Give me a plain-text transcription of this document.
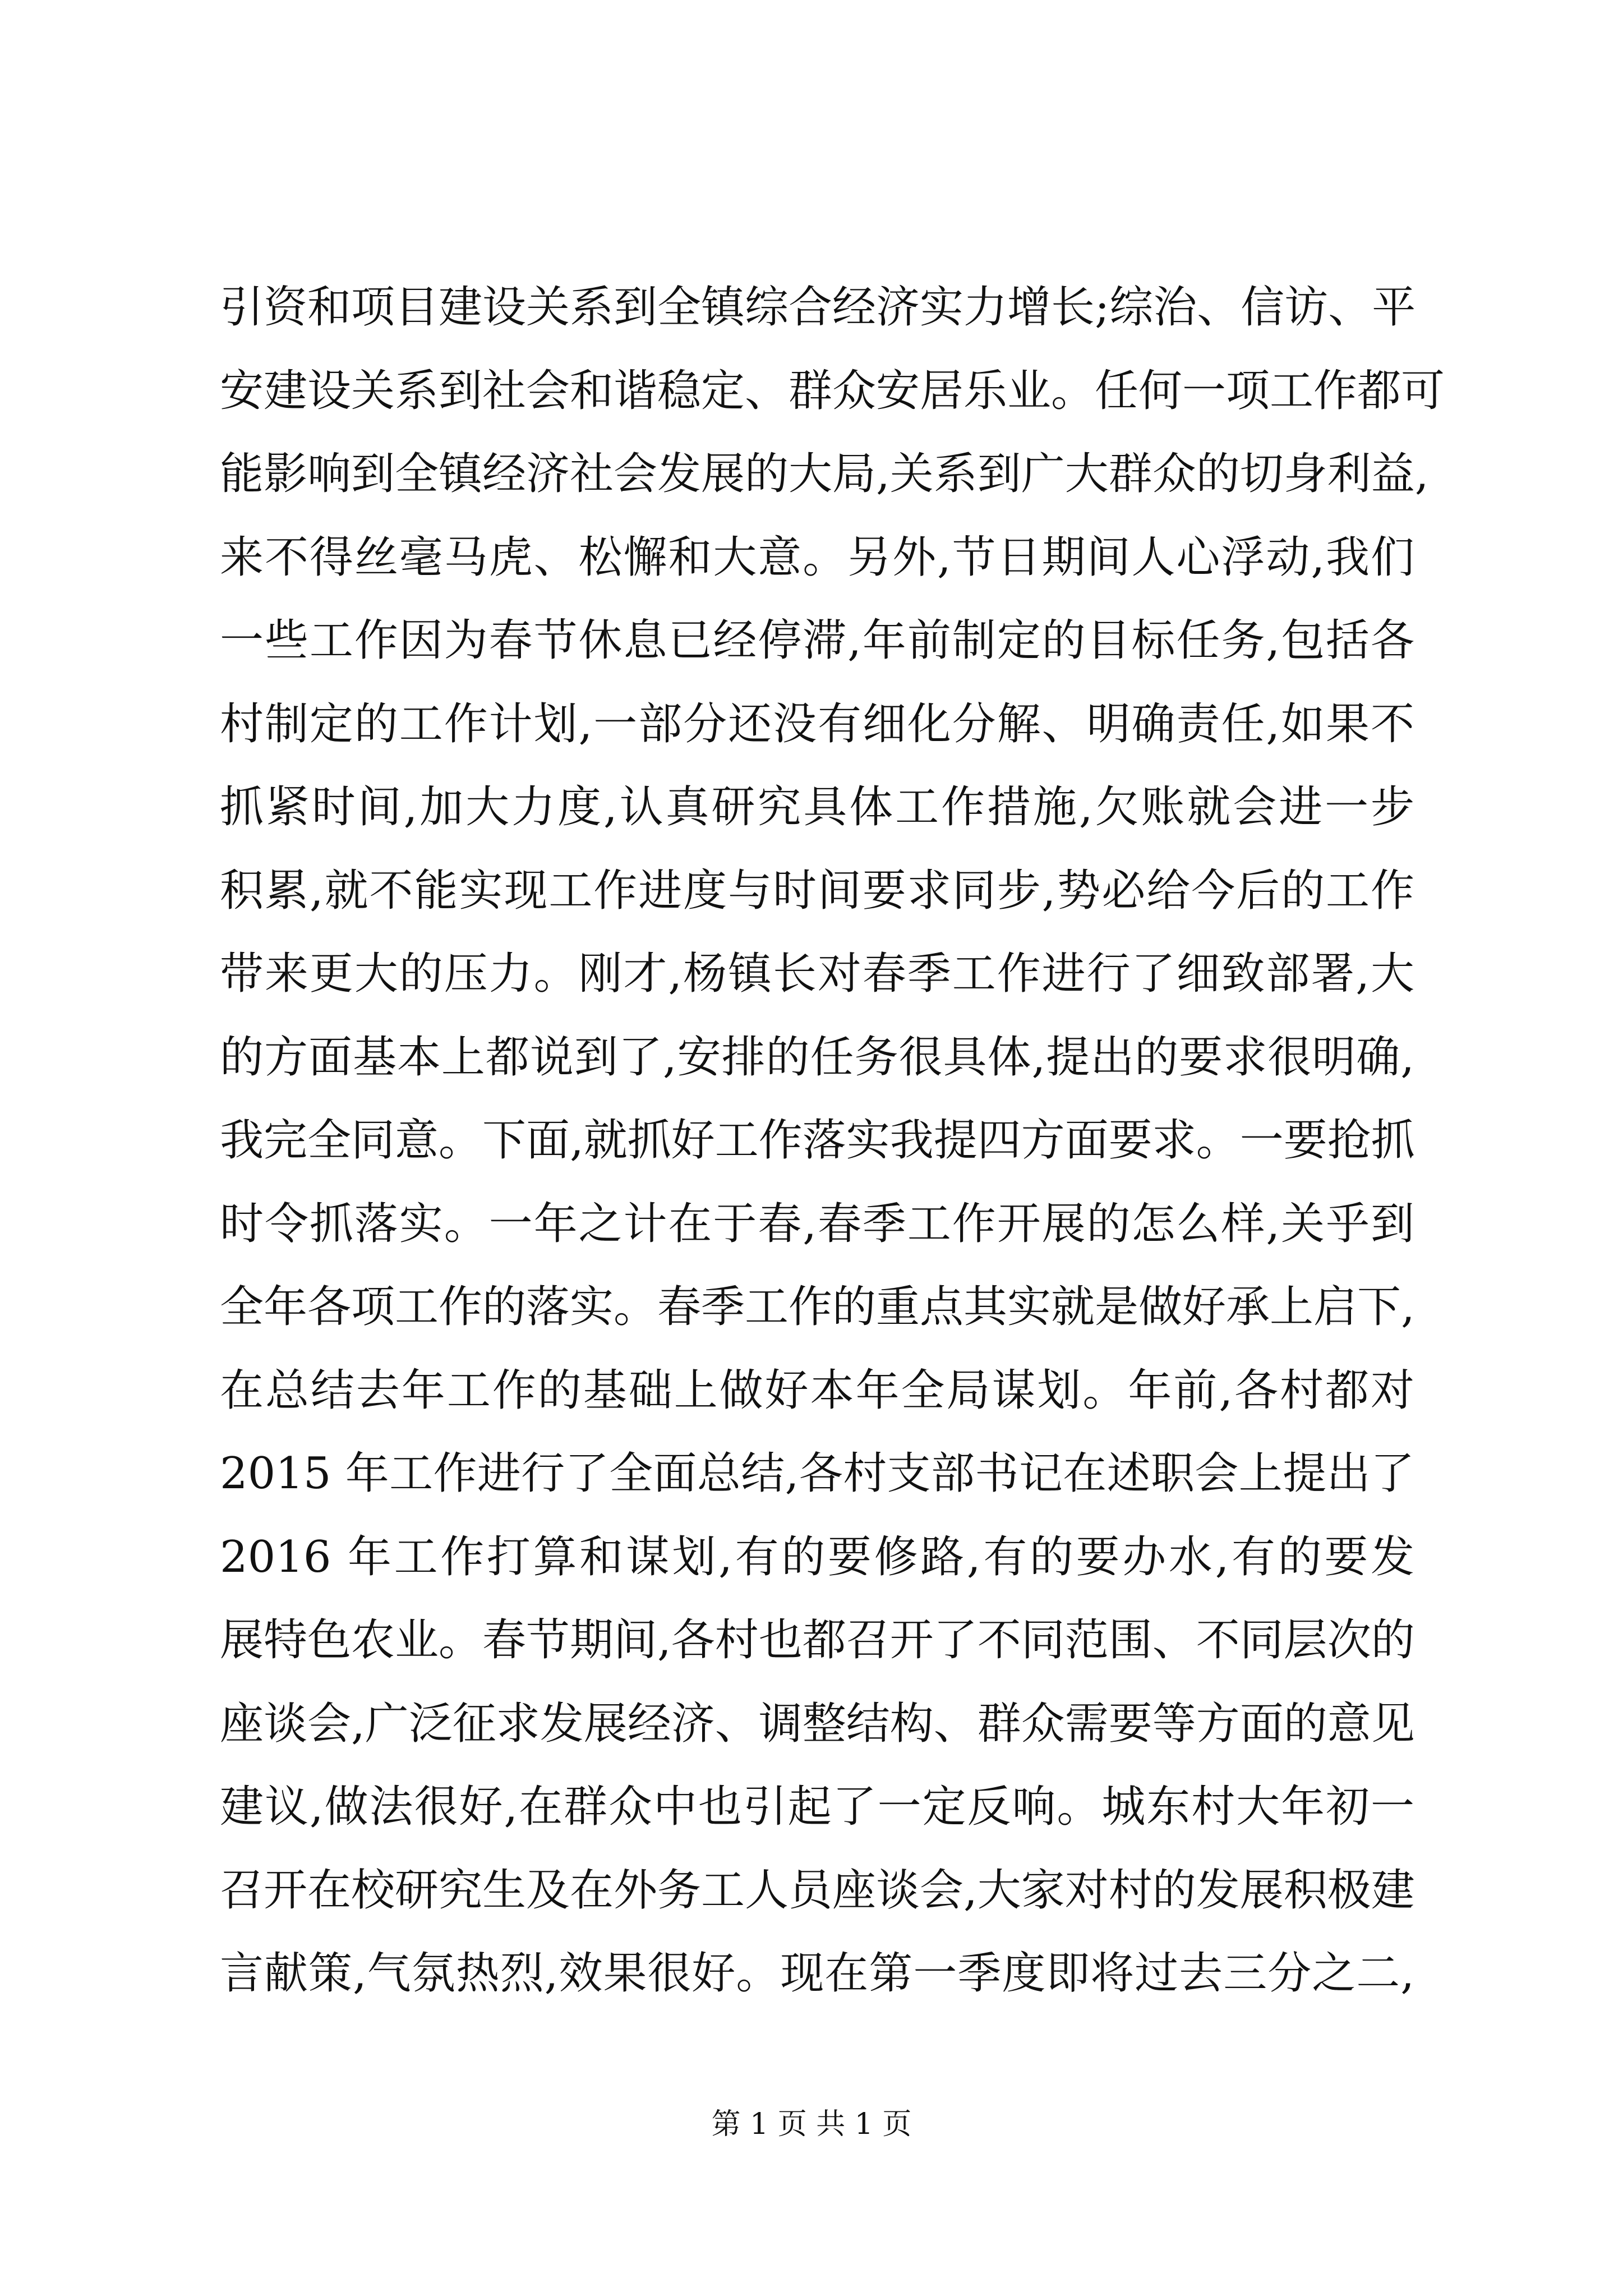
引资和项目建设关系到全镇综合经济实力增长;综治、信访、平
安建设关系到社会和谐稳定、群众安居乐业。任何一项工作都可
能影响到全镇经济社会发展的大局,关系到广大群众的切身利益,
来不得丝毫马虎、松懈和大意。另外,节日期间人心浮动,我们
一些工作因为春节休息已经停滞,年前制定的目标任务,包括各
村制定的工作计划,一部分还没有细化分解、明确责任,如果不
抓紧时间,加大力度,认真研究具体工作措施,欠账就会进一步
积累,就不能实现工作进度与时间要求同步,势必给今后的工作
带来更大的压力。刚才,杨镇长对春季工作进行了细致部署,大
的方面基本上都说到了,安排的任务很具体,提出的要求很明确,
我完全同意。下面,就抓好工作落实我提四方面要求。一要抢抓
时令抓落实。一年之计在于春,春季工作开展的怎么样,关乎到
全年各项工作的落实。春季工作的重点其实就是做好承上启下,
在总结去年工作的基础上做好本年全局谋划。年前,各村都对
2015 年工作进行了全面总结,各村支部书记在述职会上提出了
2016 年工作打算和谋划,有的要修路,有的要办水,有的要发
展特色农业。春节期间,各村也都召开了不同范围、不同层次的
座谈会,广泛征求发展经济、调整结构、群众需要等方面的意见
建议,做法很好,在群众中也引起了一定反响。城东村大年初一
召开在校研究生及在外务工人员座谈会,大家对村的发展积极建
言献策,气氛热烈,效果很好。现在第一季度即将过去三分之二,
第 1 页 共 1 页
